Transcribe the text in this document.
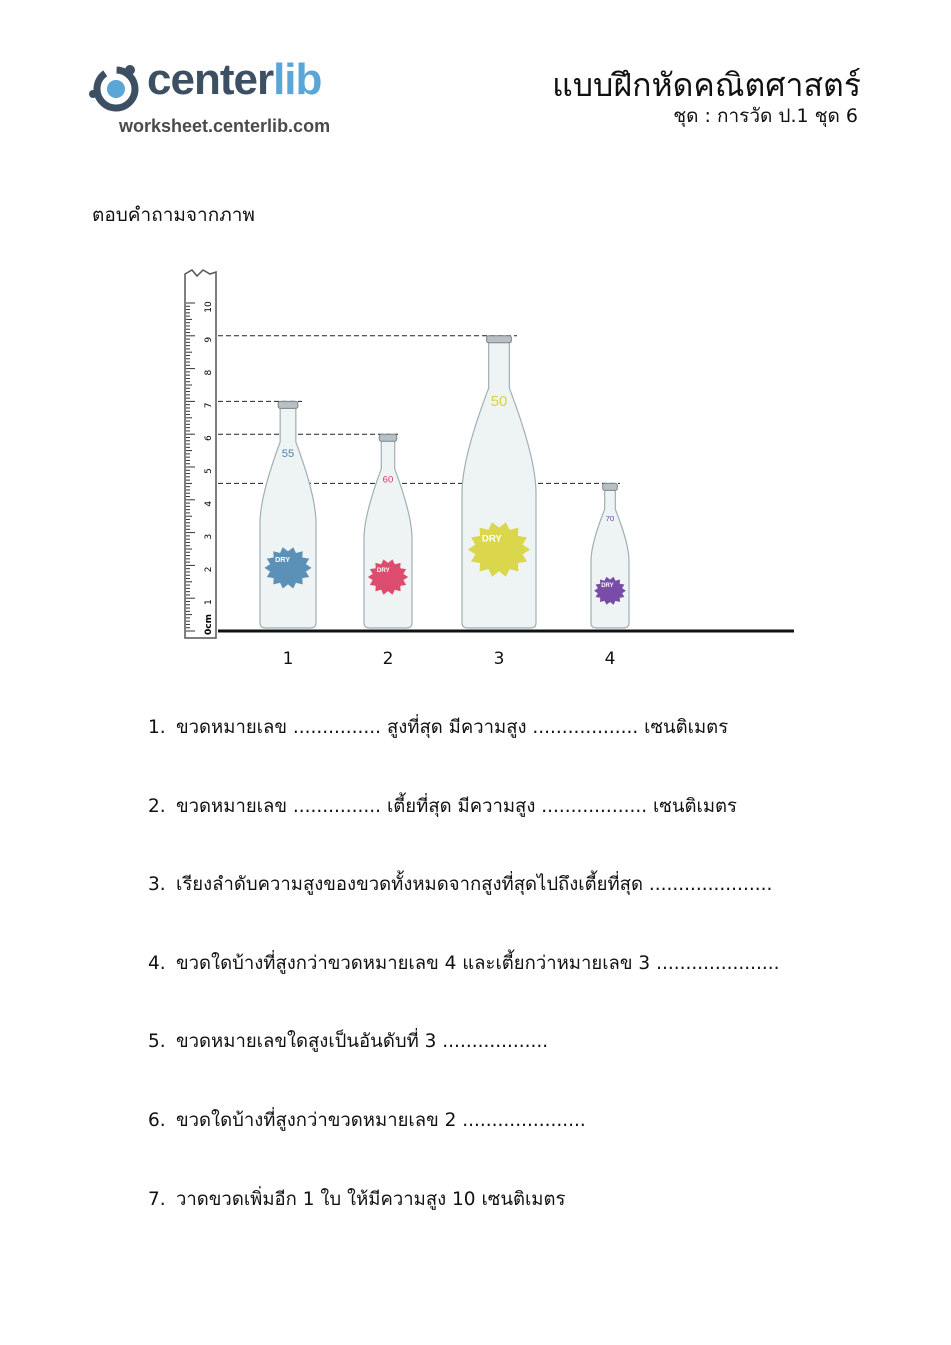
centerlib
worksheet.centerlib.com
แบบฝึกหัดคณิตศาสตร์
ชุด : การวัด ป.1 ชุด 6
ตอบคำถามจากภาพ
1
2
3
4
5
6
7
8
9
10
0cm
DRY
55
DRY
60
DRY
50
DRY
70
1	2	3	4
1. ขวดหมายเลข ............... สูงที่สุด มีความสูง .................. เซนติเมตร
2. ขวดหมายเลข ............... เตี้ยที่สุด มีความสูง .................. เซนติเมตร
3. เรียงลำดับความสูงของขวดทั้งหมดจากสูงที่สุดไปถึงเตี้ยที่สุด .....................
4. ขวดใดบ้างที่สูงกว่าขวดหมายเลข 4 และเตี้ยกว่าหมายเลข 3 .....................
5. ขวดหมายเลขใดสูงเป็นอันดับที่ 3 ..................
6. ขวดใดบ้างที่สูงกว่าขวดหมายเลข 2 .....................
7. วาดขวดเพิ่มอีก 1 ใบ ให้มีความสูง 10 เซนติเมตร
